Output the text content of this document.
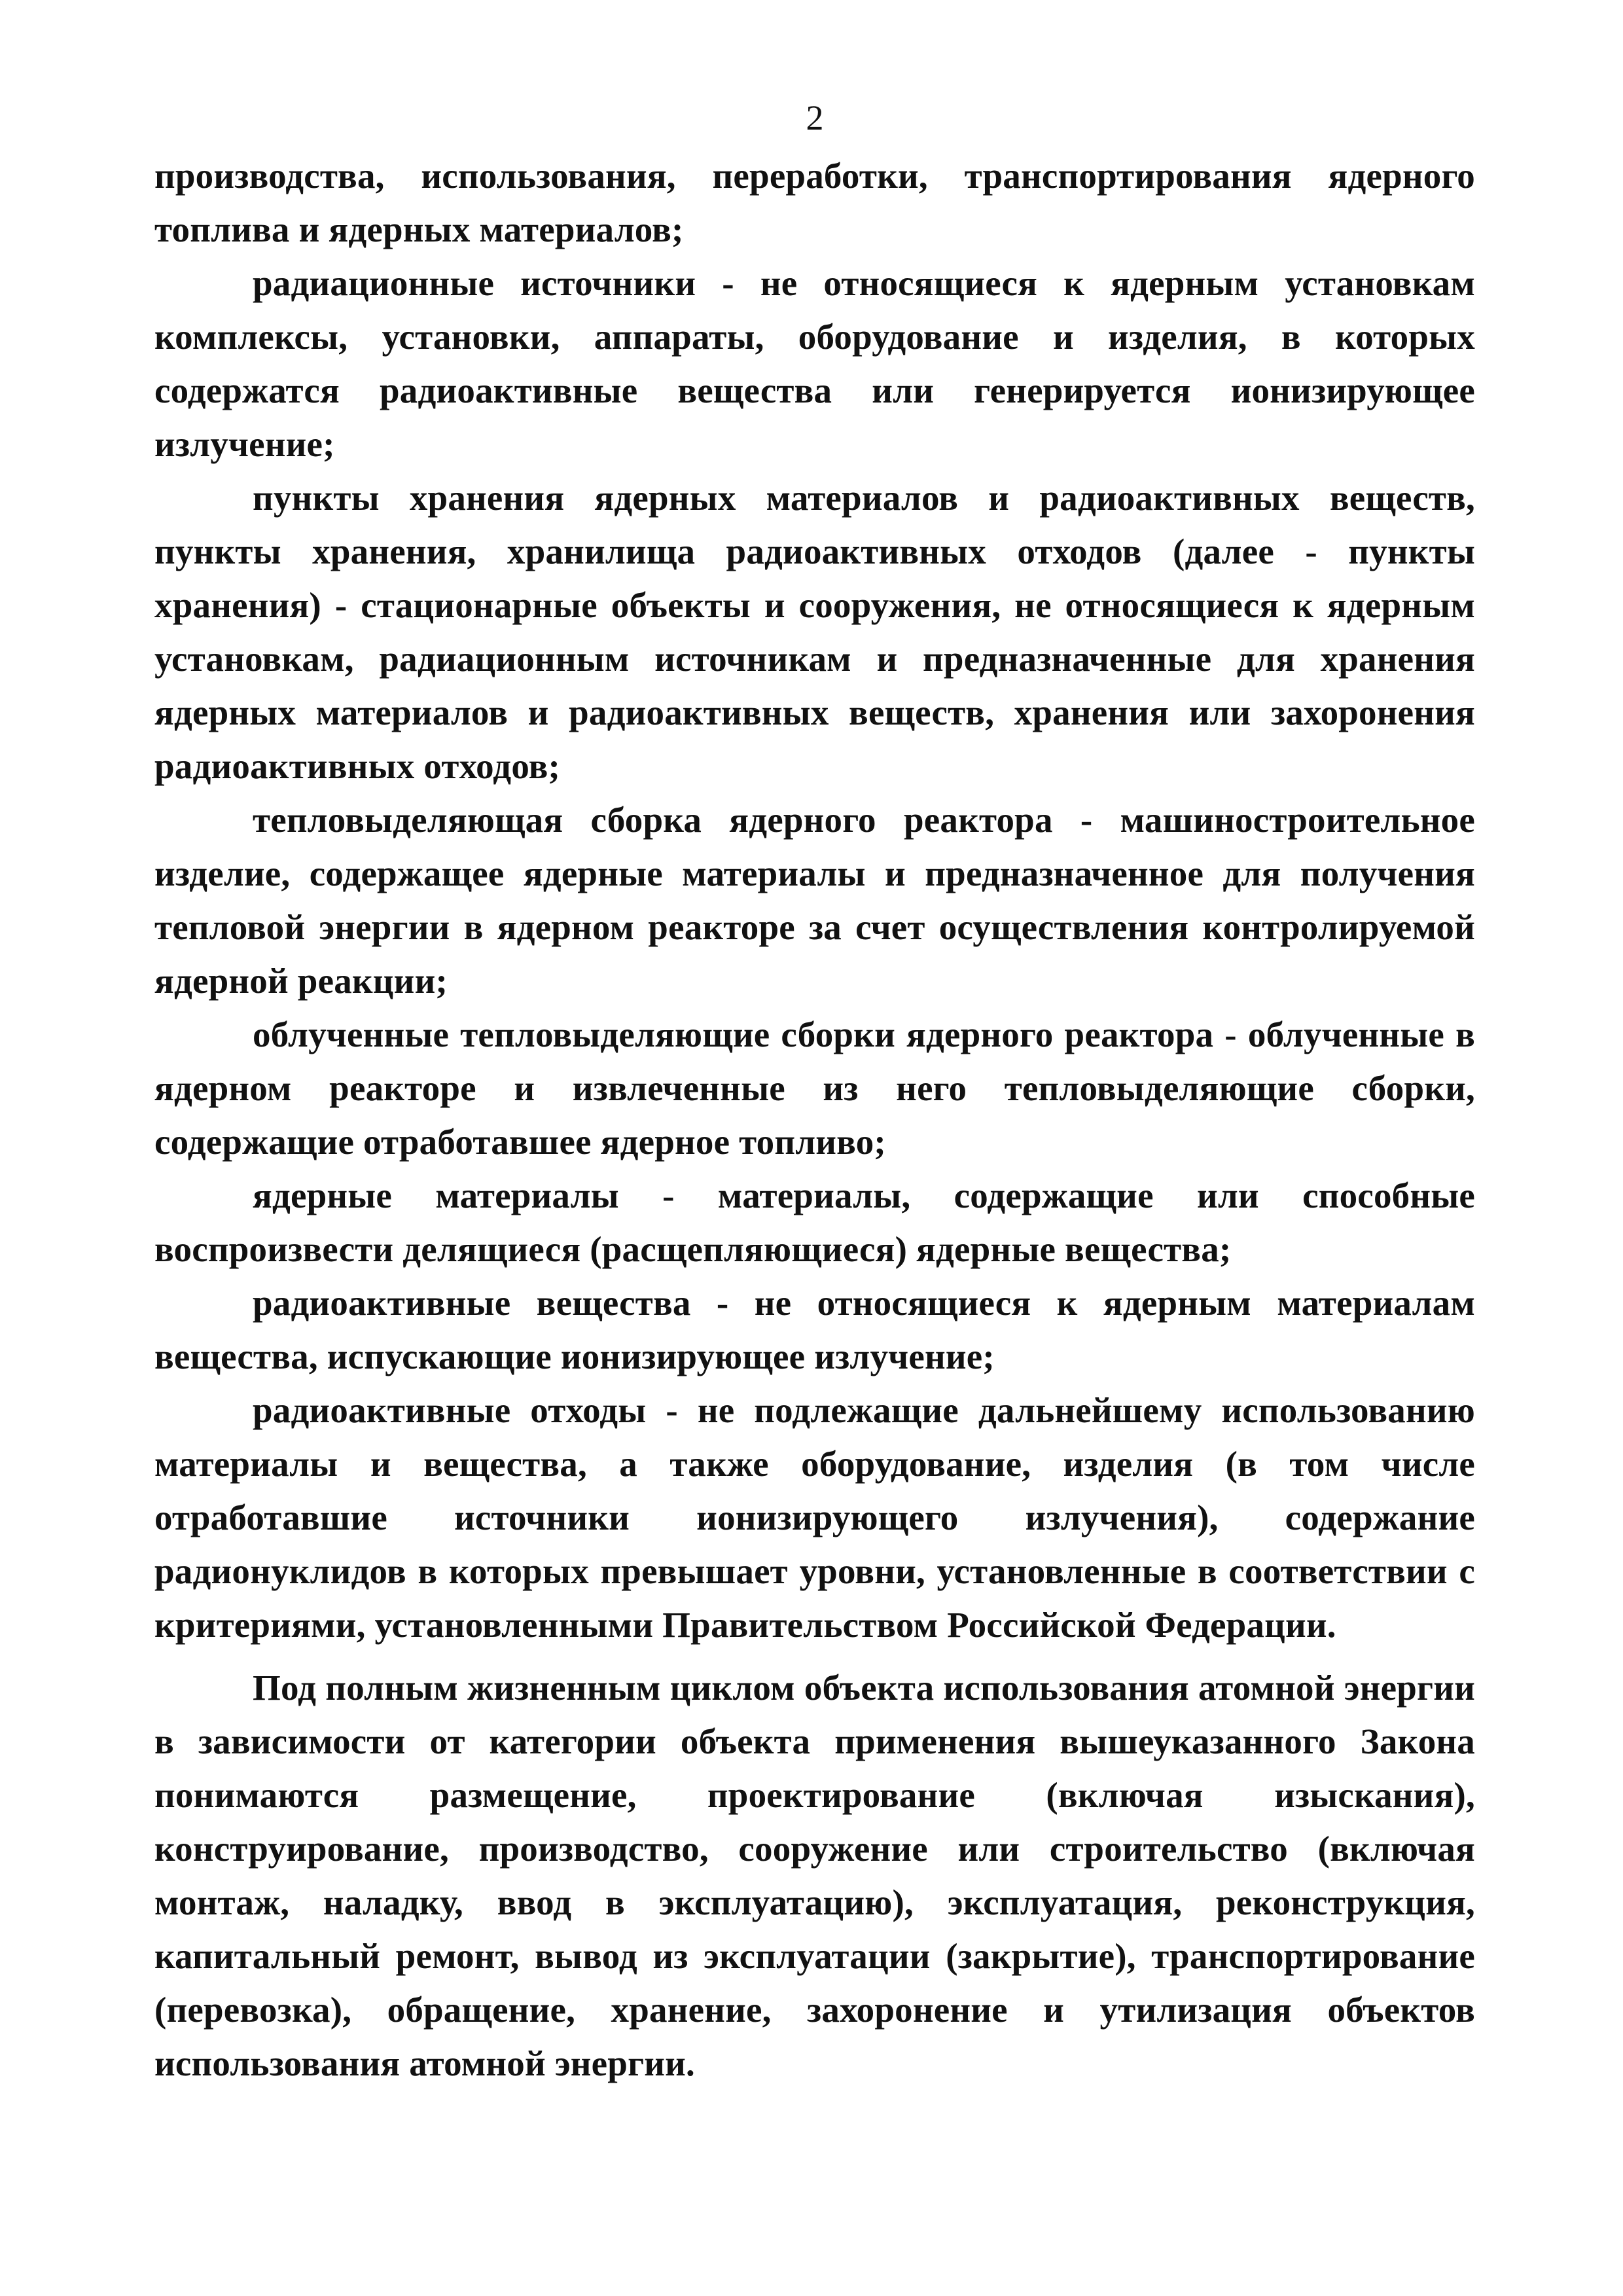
2

производства, использования, переработки, транспортирования ядерного топлива и ядерных материалов;

радиационные источники - не относящиеся к ядерным установкам комплексы, установки, аппараты, оборудование и изделия, в которых содержатся радиоактивные вещества или генерируется ионизирующее излучение;

пункты хранения ядерных материалов и радиоактивных веществ, пункты хранения, хранилища радиоактивных отходов (далее - пункты хранения) - стационарные объекты и сооружения, не относящиеся к ядерным установкам, радиационным источникам и предназначенные для хранения ядерных материалов и радиоактивных веществ, хранения или захоронения радиоактивных отходов;

тепловыделяющая сборка ядерного реактора - машиностроительное изделие, содержащее ядерные материалы и предназначенное для получения тепловой энергии в ядерном реакторе за счет осуществления контролируемой ядерной реакции;

облученные тепловыделяющие сборки ядерного реактора - облученные в ядерном реакторе и извлеченные из него тепловыделяющие сборки, содержащие отработавшее ядерное топливо;

ядерные материалы - материалы, содержащие или способные воспроизвести делящиеся (расщепляющиеся) ядерные вещества;

радиоактивные вещества - не относящиеся к ядерным материалам вещества, испускающие ионизирующее излучение;

радиоактивные отходы - не подлежащие дальнейшему использованию материалы и вещества, а также оборудование, изделия (в том числе отработавшие источники ионизирующего излучения), содержание радионуклидов в которых превышает уровни, установленные в соответствии с критериями, установленными Правительством Российской Федерации.

Под полным жизненным циклом объекта использования атомной энергии в зависимости от категории объекта применения вышеуказанного Закона понимаются размещение, проектирование (включая изыскания), конструирование, производство, сооружение или строительство (включая монтаж, наладку, ввод в эксплуатацию), эксплуатация, реконструкция, капитальный ремонт, вывод из эксплуатации (закрытие), транспортирование (перевозка), обращение, хранение, захоронение и утилизация объектов использования атомной энергии.
